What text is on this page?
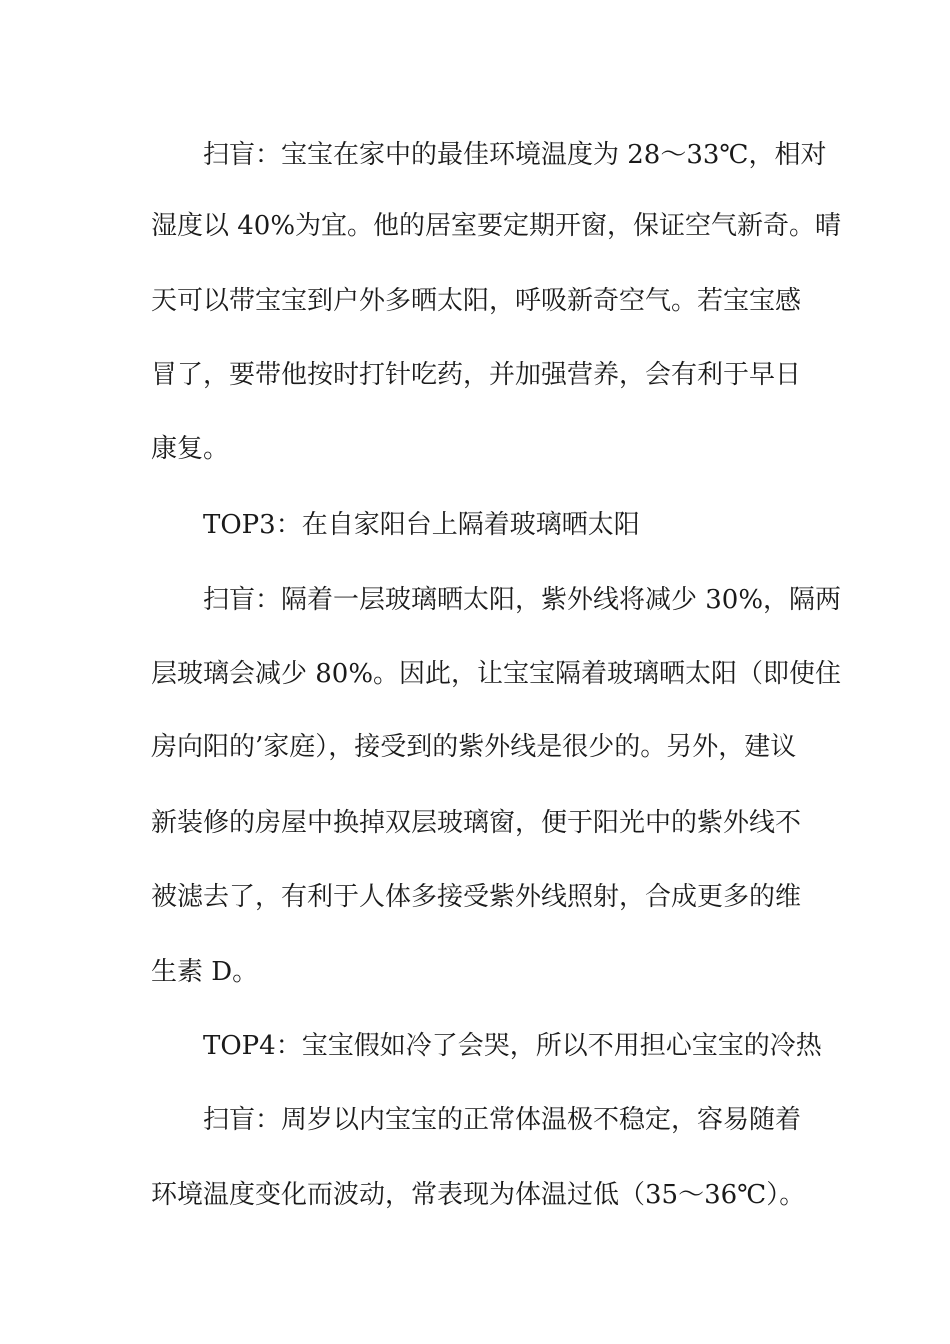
扫盲：宝宝在家中的最佳环境温度为 28～33℃，相对
湿度以 40%为宜。他的居室要定期开窗，保证空气新奇。晴
天可以带宝宝到户外多晒太阳，呼吸新奇空气。若宝宝感
冒了，要带他按时打针吃药，并加强营养，会有利于早日
康复。
TOP3：在自家阳台上隔着玻璃晒太阳
扫盲：隔着一层玻璃晒太阳，紫外线将减少 30%，隔两
层玻璃会减少 80%。因此，让宝宝隔着玻璃晒太阳（即使住
房向阳的’家庭），接受到的紫外线是很少的。另外，建议
新装修的房屋中换掉双层玻璃窗，便于阳光中的紫外线不
被滤去了，有利于人体多接受紫外线照射，合成更多的维
生素 D。
TOP4：宝宝假如冷了会哭，所以不用担心宝宝的冷热
扫盲：周岁以内宝宝的正常体温极不稳定，容易随着
环境温度变化而波动，常表现为体温过低（35～36℃）。
